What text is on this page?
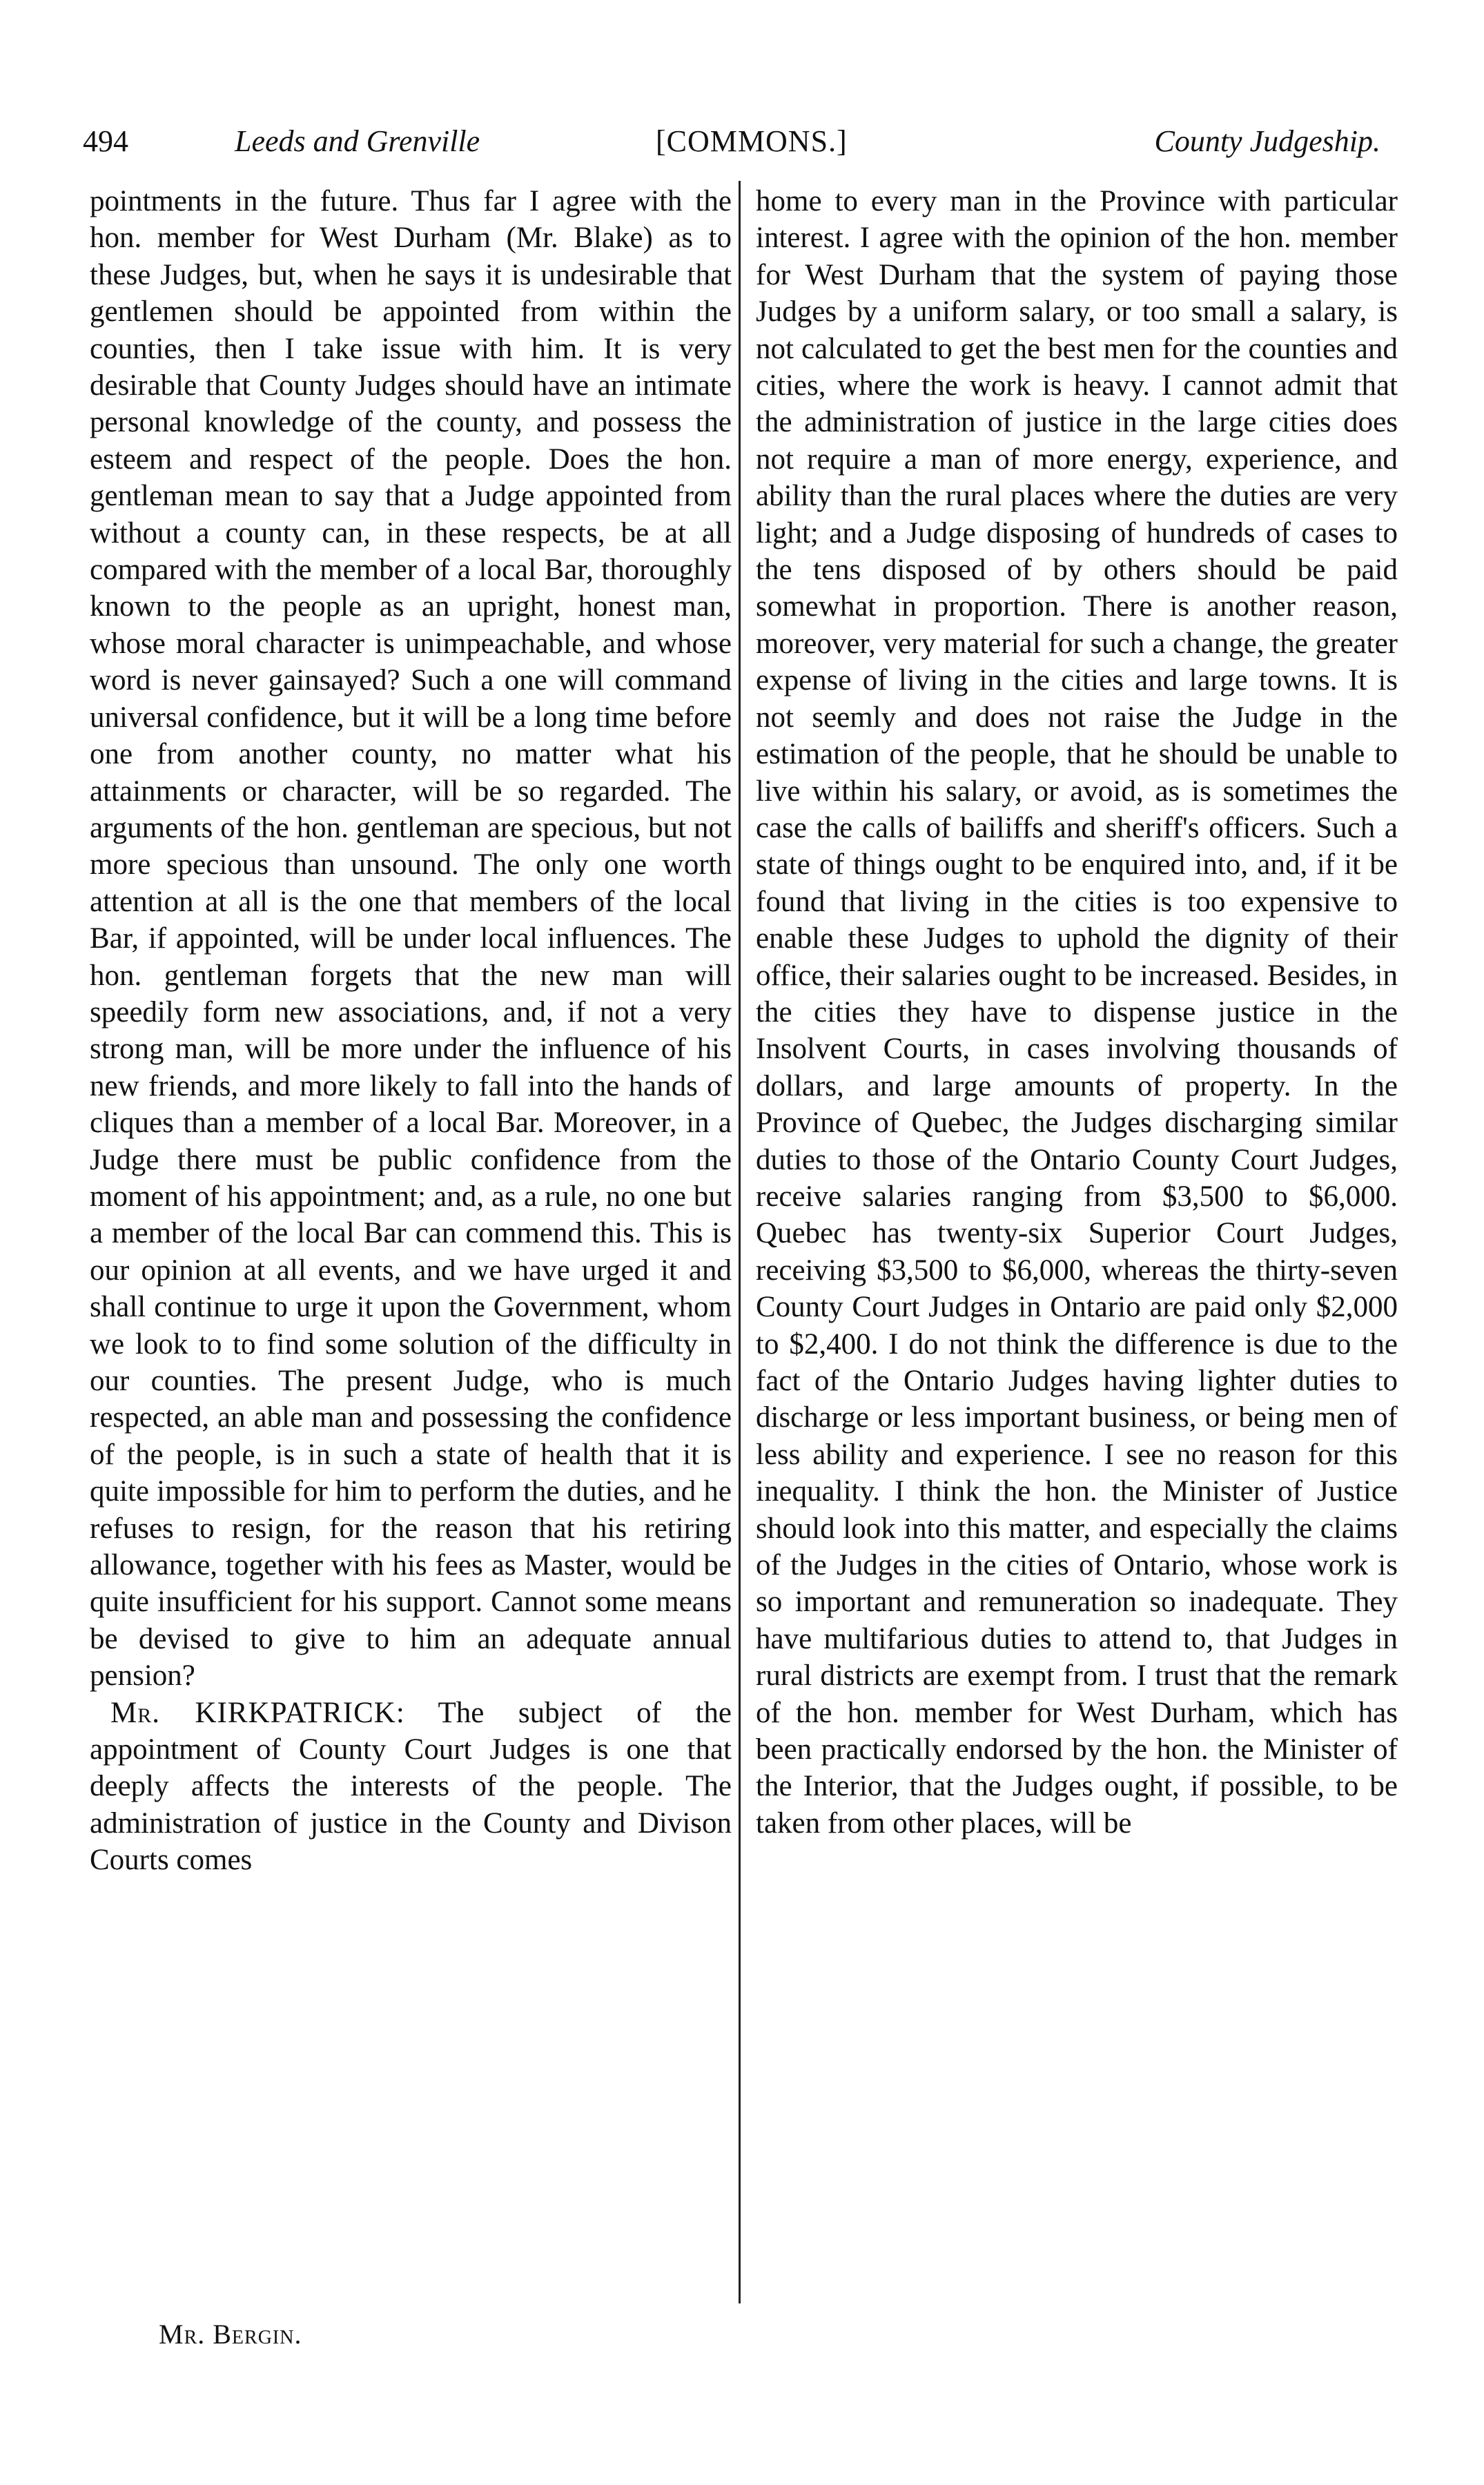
494	Leeds and Grenville	[COMMONS.]	County Judgeship.

pointments in the future. Thus far I agree with the hon. member for West Durham (Mr. Blake) as to these Judges, but, when he says it is undesirable that gentlemen should be appointed from within the counties, then I take issue with him. It is very desirable that County Judges should have an intimate personal knowledge of the county, and possess the esteem and respect of the people. Does the hon. gentleman mean to say that a Judge appointed from without a county can, in these respects, be at all compared with the member of a local Bar, thoroughly known to the people as an upright, honest man, whose moral character is unimpeachable, and whose word is never gainsayed? Such a one will command universal confidence, but it will be a long time before one from another county, no matter what his attainments or character, will be so regarded. The arguments of the hon. gentleman are specious, but not more specious than unsound. The only one worth attention at all is the one that members of the local Bar, if appointed, will be under local influences. The hon. gentleman forgets that the new man will speedily form new associations, and, if not a very strong man, will be more under the influence of his new friends, and more likely to fall into the hands of cliques than a member of a local Bar. Moreover, in a Judge there must be public confidence from the moment of his appointment; and, as a rule, no one but a member of the local Bar can commend this. This is our opinion at all events, and we have urged it and shall continue to urge it upon the Government, whom we look to to find some solution of the difficulty in our counties. The present Judge, who is much respected, an able man and possessing the confidence of the people, is in such a state of health that it is quite impossible for him to perform the duties, and he refuses to resign, for the reason that his retiring allowance, together with his fees as Master, would be quite insufficient for his support. Cannot some means be devised to give to him an adequate annual pension?

Mr. KIRKPATRICK: The subject of the appointment of County Court Judges is one that deeply affects the interests of the people. The administration of justice in the County and Divison Courts comes

home to every man in the Province with particular interest. I agree with the opinion of the hon. member for West Durham that the system of paying those Judges by a uniform salary, or too small a salary, is not calculated to get the best men for the counties and cities, where the work is heavy. I cannot admit that the administration of justice in the large cities does not require a man of more energy, experience, and ability than the rural places where the duties are very light; and a Judge disposing of hundreds of cases to the tens disposed of by others should be paid somewhat in proportion. There is another reason, moreover, very material for such a change, the greater expense of living in the cities and large towns. It is not seemly and does not raise the Judge in the estimation of the people, that he should be unable to live within his salary, or avoid, as is sometimes the case the calls of bailiffs and sheriff's officers. Such a state of things ought to be enquired into, and, if it be found that living in the cities is too expensive to enable these Judges to uphold the dignity of their office, their salaries ought to be increased. Besides, in the cities they have to dispense justice in the Insolvent Courts, in cases involving thousands of dollars, and large amounts of property. In the Province of Quebec, the Judges discharging similar duties to those of the Ontario County Court Judges, receive salaries ranging from $3,500 to $6,000. Quebec has twenty-six Superior Court Judges, receiving $3,500 to $6,000, whereas the thirty-seven County Court Judges in Ontario are paid only $2,000 to $2,400. I do not think the difference is due to the fact of the Ontario Judges having lighter duties to discharge or less important business, or being men of less ability and experience. I see no reason for this inequality. I think the hon. the Minister of Justice should look into this matter, and especially the claims of the Judges in the cities of Ontario, whose work is so important and remuneration so inadequate. They have multifarious duties to attend to, that Judges in rural districts are exempt from. I trust that the remark of the hon. member for West Durham, which has been practically endorsed by the hon. the Minister of the Interior, that the Judges ought, if possible, to be taken from other places, will be

Mr. Bergin.
